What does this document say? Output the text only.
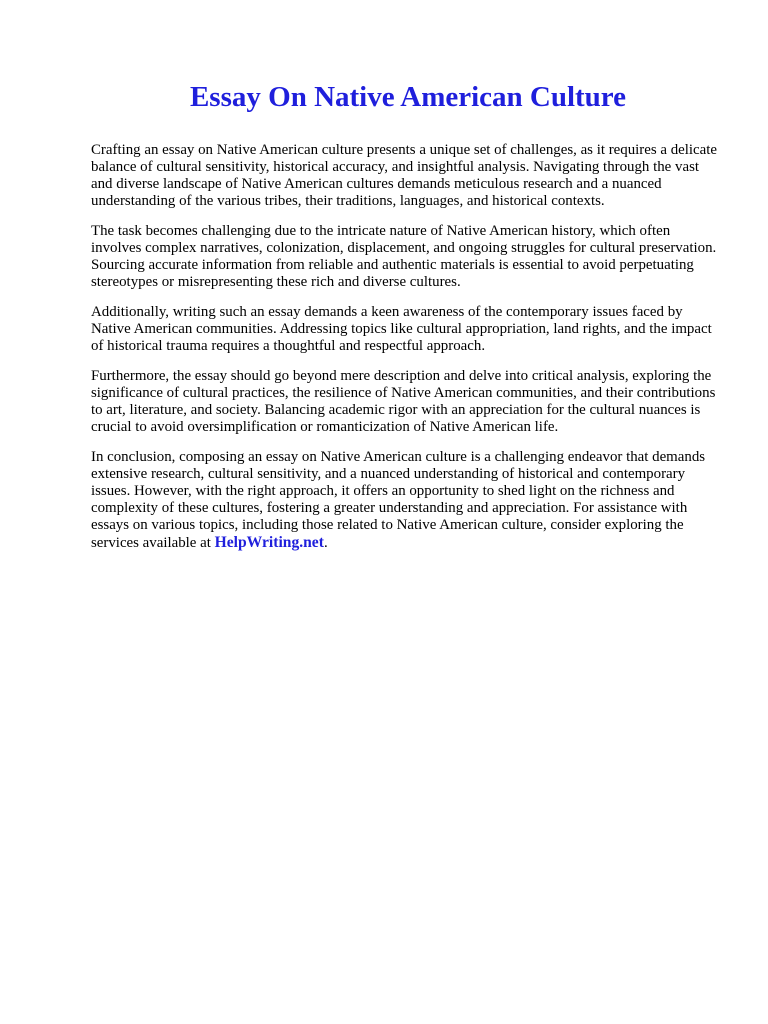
Essay On Native American Culture

Crafting an essay on Native American culture presents a unique set of challenges, as it requires a delicate balance of cultural sensitivity, historical accuracy, and insightful analysis. Navigating through the vast and diverse landscape of Native American cultures demands meticulous research and a nuanced understanding of the various tribes, their traditions, languages, and historical contexts.

The task becomes challenging due to the intricate nature of Native American history, which often involves complex narratives, colonization, displacement, and ongoing struggles for cultural preservation. Sourcing accurate information from reliable and authentic materials is essential to avoid perpetuating stereotypes or misrepresenting these rich and diverse cultures.

Additionally, writing such an essay demands a keen awareness of the contemporary issues faced by Native American communities. Addressing topics like cultural appropriation, land rights, and the impact of historical trauma requires a thoughtful and respectful approach.

Furthermore, the essay should go beyond mere description and delve into critical analysis, exploring the significance of cultural practices, the resilience of Native American communities, and their contributions to art, literature, and society. Balancing academic rigor with an appreciation for the cultural nuances is crucial to avoid oversimplification or romanticization of Native American life.

In conclusion, composing an essay on Native American culture is a challenging endeavor that demands extensive research, cultural sensitivity, and a nuanced understanding of historical and contemporary issues. However, with the right approach, it offers an opportunity to shed light on the richness and complexity of these cultures, fostering a greater understanding and appreciation. For assistance with essays on various topics, including those related to Native American culture, consider exploring the services available at HelpWriting.net.
